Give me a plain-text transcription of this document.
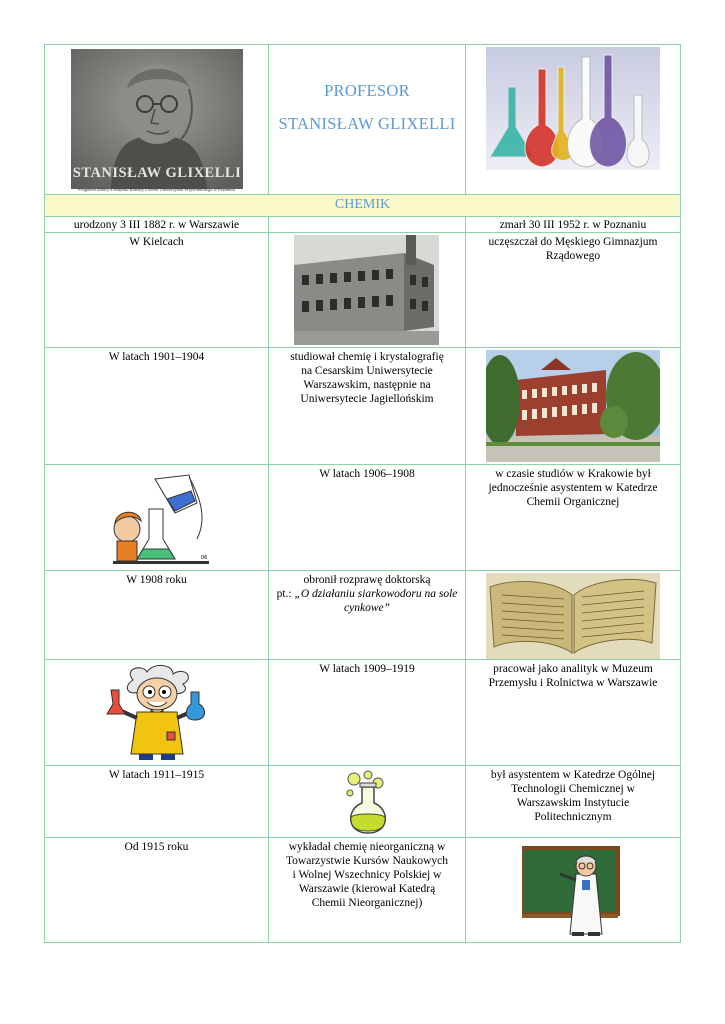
STANISŁAW GLIXELLI
Fragment tablicy z budynku Katedry Chemii Uniwersytetu Przyrodniczego w Poznaniu
PROFESOR
STANISŁAW GLIXELLI
CHEMIK
urodzony 3 III 1882 r. w Warszawie	zmarł 30 III 1952 r. w Poznaniu
W Kielcach	uczęszczał do Męskiego Gimnazjum Rządowego
W latach 1901–1904	studiował chemię i krystalografię na Cesarskim Uniwersytecie Warszawskim, następnie na Uniwersytecie Jagiellońskim
06
W latach 1906–1908	w czasie studiów w Krakowie był jednocześnie asystentem w Katedrze Chemii Organicznej
W 1908 roku	obronił rozprawę doktorską
pt.: „O działaniu siarkowodoru na sole cynkowe”
W latach 1909–1919	pracował jako analityk w Muzeum Przemysłu i Rolnictwa w Warszawie
W latach 1911–1915	był asystentem w Katedrze Ogólnej Technologii Chemicznej w Warszawskim Instytucie Politechnicznym
Od 1915 roku	wykładał chemię nieorganiczną w Towarzystwie Kursów Naukowych i Wolnej Wszechnicy Polskiej w Warszawie (kierował Katedrą Chemii Nieorganicznej)
